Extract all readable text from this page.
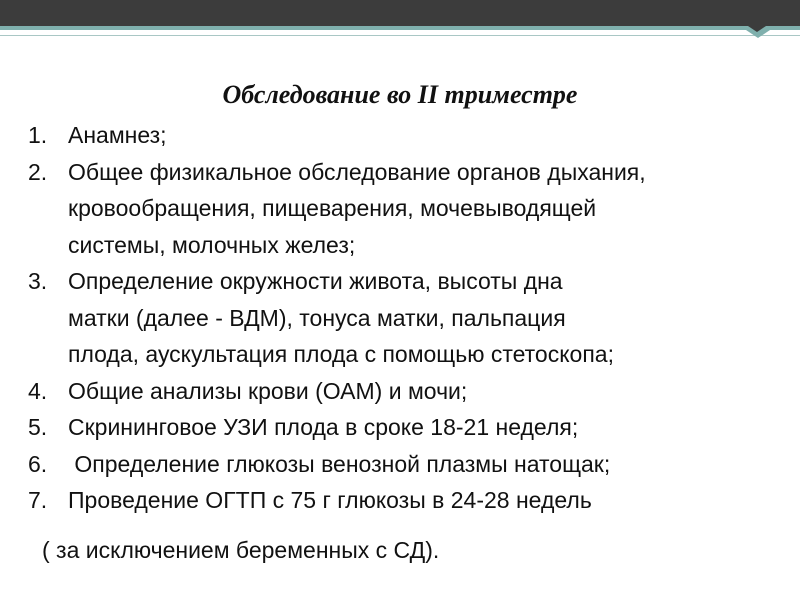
Обследование во II триместре
1. Анамнез;
2. Общее физикальное обследование органов дыхания,
кровообращения, пищеварения, мочевыводящей
системы, молочных желез;
3. Определение окружности живота, высоты дна
матки (далее - ВДМ), тонуса матки, пальпация
плода, аускультация плода с помощью стетоскопа;
4. Общие анализы крови (ОАМ) и мочи;
5. Скрининговое УЗИ плода в сроке 18-21 неделя;
6. Определение глюкозы венозной плазмы натощак;
7. Проведение ОГТП с 75 г глюкозы в 24-28 недель

( за исключением беременных с СД).
